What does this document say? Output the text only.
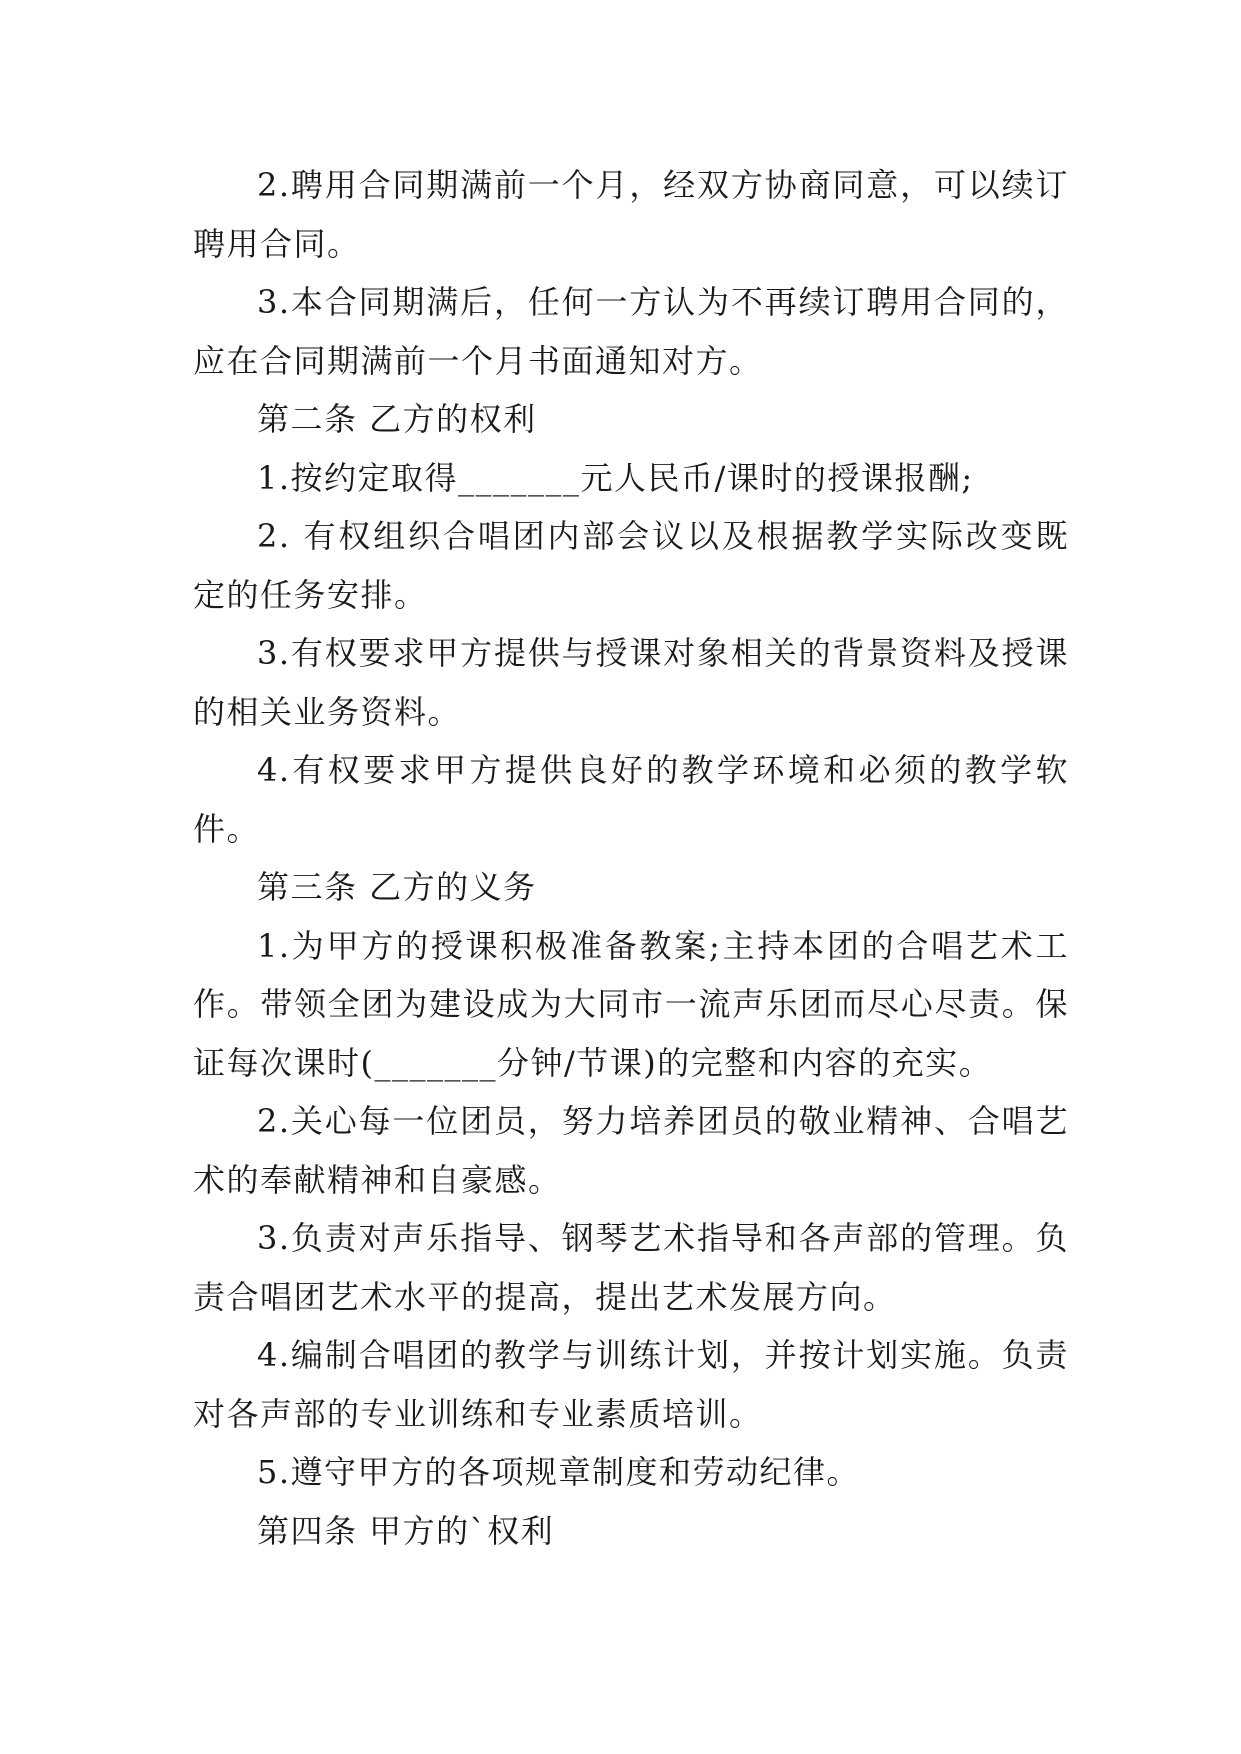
2.聘用合同期满前一个月，经双方协商同意，可以续订聘用合同。

3.本合同期满后，任何一方认为不再续订聘用合同的，应在合同期满前一个月书面通知对方。

第二条 乙方的权利

1.按约定取得_______元人民币/课时的授课报酬;

2. 有权组织合唱团内部会议以及根据教学实际改变既定的任务安排。

3.有权要求甲方提供与授课对象相关的背景资料及授课的相关业务资料。

4.有权要求甲方提供良好的教学环境和必须的教学软件。

第三条 乙方的义务

1.为甲方的授课积极准备教案;主持本团的合唱艺术工作。带领全团为建设成为大同市一流声乐团而尽心尽责。保证每次课时(_______分钟/节课)的完整和内容的充实。

2.关心每一位团员，努力培养团员的敬业精神、合唱艺术的奉献精神和自豪感。

3.负责对声乐指导、钢琴艺术指导和各声部的管理。负责合唱团艺术水平的提高，提出艺术发展方向。

4.编制合唱团的教学与训练计划，并按计划实施。负责对各声部的专业训练和专业素质培训。

5.遵守甲方的各项规章制度和劳动纪律。

第四条 甲方的`权利
